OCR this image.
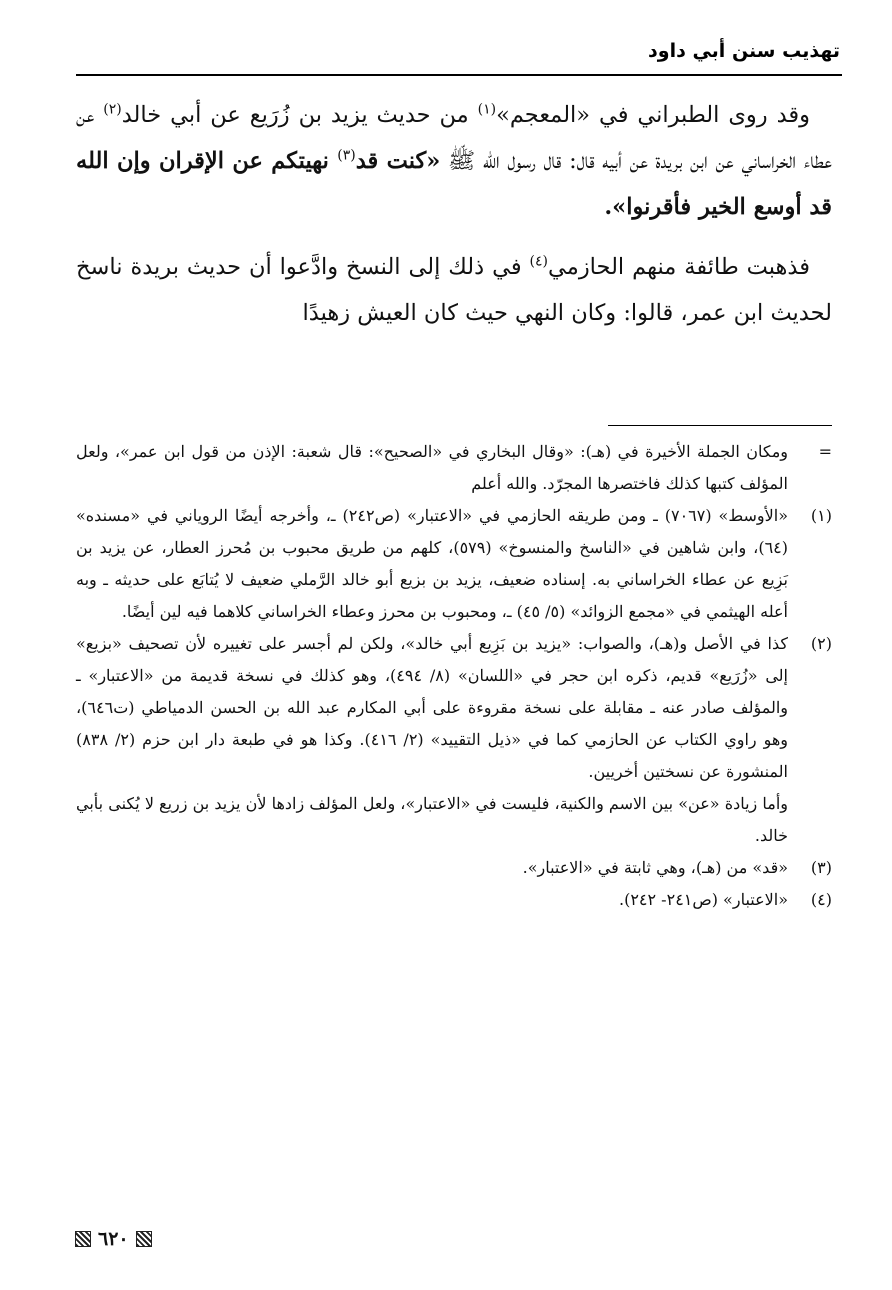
تهذيب سنن أبي داود

وقد روى الطبراني في «المعجم»$^{(١)}$ من حديث يزيد بن زُرَيع عن أبي خالد$^{(٢)}$ عن عطاء الخراساني عن ابن بريدة عن أبيه قال: قال رسول الله ﷺ «كنت قد$^{(٣)}$ نهيتكم عن الإقران وإن الله قد أوسع الخير فأقرنوا».

فذهبت طائفة منهم الحازمي$^{(٤)}$ في ذلك إلى النسخ وادَّعوا أن حديث بريدة ناسخ لحديث ابن عمر، قالوا: وكان النهي حيث كان العيش زهيدًا

=

ومكان الجملة الأخيرة في (هـ): «وقال البخاري في «الصحيح»: قال شعبة: الإذن من قول ابن عمر»، ولعل المؤلف كتبها كذلك فاختصرها المجرّد. والله أعلم

(١)

«الأوسط» (٧٠٦٧) ـ ومن طريقه الحازمي في «الاعتبار» (ص٢٤٢) ـ، وأخرجه أيضًا الروياني في «مسنده» (٦٤)، وابن شاهين في «الناسخ والمنسوخ» (٥٧٩)، كلهم من طريق محبوب بن مُحرز العطار، عن يزيد بن بَزِيع عن عطاء الخراساني به. إسناده ضعيف، يزيد بن بزيع أبو خالد الرَّملي ضعيف لا يُتابَع على حديثه ـ وبه أعله الهيثمي في «مجمع الزوائد» (٥/ ٤٥) ـ، ومحبوب بن محرز وعطاء الخراساني كلاهما فيه لين أيضًا.

(٢)

كذا في الأصل و(هـ)، والصواب: «يزيد بن بَزِيع أبي خالد»، ولكن لم أجسر على تغييره لأن تصحيف «بزيع» إلى «زُرَيع» قديم، ذكره ابن حجر في «اللسان» (٨/ ٤٩٤)، وهو كذلك في نسخة قديمة من «الاعتبار» ـ والمؤلف صادر عنه ـ مقابلة على نسخة مقروءة على أبي المكارم عبد الله بن الحسن الدمياطي (ت٦٤٦)، وهو راوي الكتاب عن الحازمي كما في «ذيل التقييد» (٢/ ٤١٦). وكذا هو في طبعة دار ابن حزم (٢/ ٨٣٨) المنشورة عن نسختين أخريين.

وأما زيادة «عن» بين الاسم والكنية، فليست في «الاعتبار»، ولعل المؤلف زادها لأن يزيد بن زريع لا يُكنى بأبي خالد.

(٣)

«قد» من (هـ)، وهي ثابتة في «الاعتبار».

(٤)

«الاعتبار» (ص٢٤١- ٢٤٢).

٦٢٠
